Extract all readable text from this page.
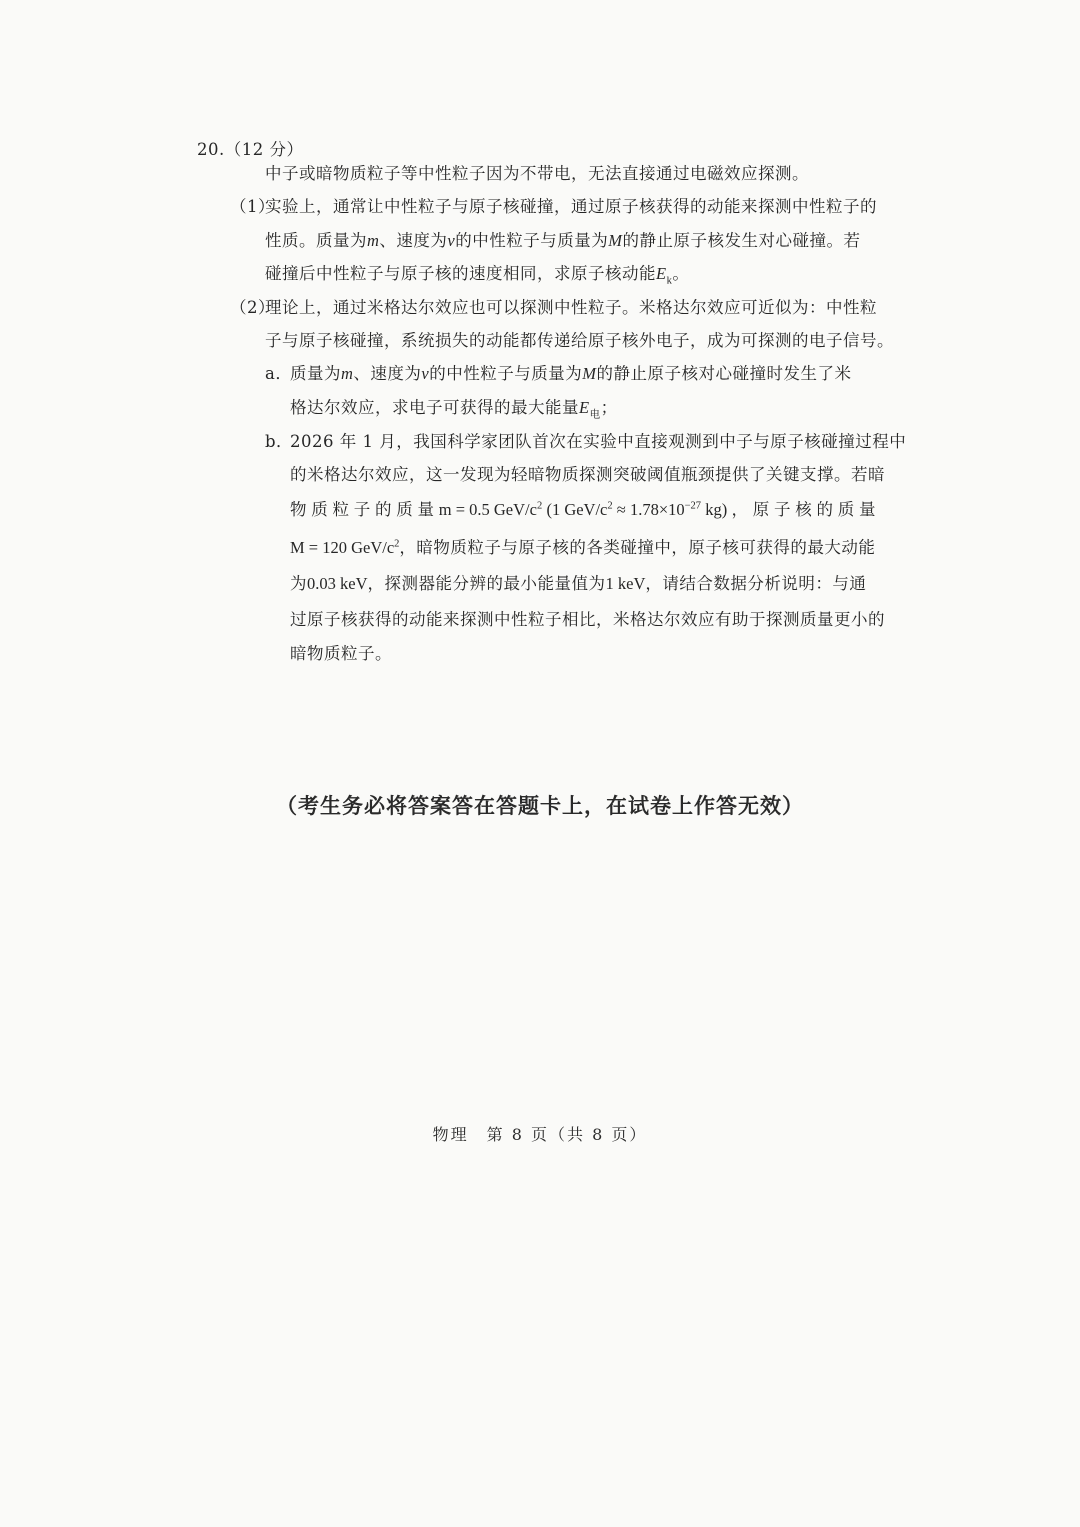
20.（12 分）
中子或暗物质粒子等中性粒子因为不带电，无法直接通过电磁效应探测。
（1）
实验上，通常让中性粒子与原子核碰撞，通过原子核获得的动能来探测中性粒子的
性质。质量为m、速度为v的中性粒子与质量为M的静止原子核发生对心碰撞。若
碰撞后中性粒子与原子核的速度相同，求原子核动能$E_k$。
（2）
理论上，通过米格达尔效应也可以探测中性粒子。米格达尔效应可近似为：中性粒
子与原子核碰撞，系统损失的动能都传递给原子核外电子，成为可探测的电子信号。
a．
质量为m、速度为v的中性粒子与质量为M的静止原子核对心碰撞时发生了米
格达尔效应，求电子可获得的最大能量$E_电$；
b．
2026 年 1 月，我国科学家团队首次在实验中直接观测到中子与原子核碰撞过程中
的米格达尔效应，这一发现为轻暗物质探测突破阈值瓶颈提供了关键支撑。若暗
物 质 粒 子 的 质 量 m = 0.5 GeV/$c^2$ (1 GeV/$c^2 \approx 1.78\times 10^{-27}$ kg) ， 原 子 核 的 质 量
M = 120 GeV/$c^2$，暗物质粒子与原子核的各类碰撞中，原子核可获得的最大动能
为0.03 keV，探测器能分辨的最小能量值为1 keV，请结合数据分析说明：与通
过原子核获得的动能来探测中性粒子相比，米格达尔效应有助于探测质量更小的
暗物质粒子。
（考生务必将答案答在答题卡上，在试卷上作答无效）
物理　第 8 页（共 8 页）
